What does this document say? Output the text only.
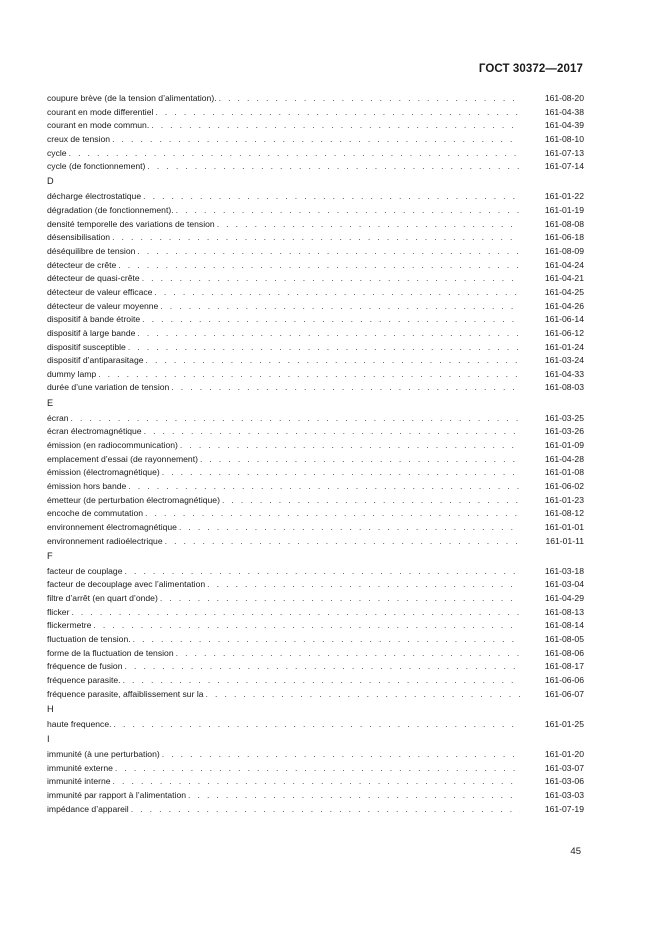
ГОСТ 30372—2017
coupure brève (de la tension d’alimentation). . . .	161-08-20
courant en mode differentiel . . .	161-04-38
courant en mode commun. . . .	161-04-39
creux de tension . . .	161-08-10
cycle . . .	161-07-13
cycle (de fonctionnement) . . .	161-07-14
D
décharge électrostatique . . .	161-01-22
dégradation (de fonctionnement). . . .	161-01-19
densité temporelle des variations de tension . . .	161-08-08
désensibilisation . . .	161-06-18
déséquilibre de tension . . .	161-08-09
détecteur de crête . . .	161-04-24
détecteur de quasi-crête . . .	161-04-21
détecteur de valeur efficace . . .	161-04-25
détecteur de valeur moyenne . . .	161-04-26
dispositif à bande étroite . . .	161-06-14
dispositif à large bande . . .	161-06-12
dispositif susceptible . . .	161-01-24
dispositif d’antiparasitage . . .	161-03-24
dummy lamp . . .	161-04-33
durée d’une variation de tension . . .	161-08-03
E
écran . . .	161-03-25
écran électromagnétique . . .	161-03-26
émission (en radiocommunication) . . .	161-01-09
emplacement d’essai (de rayonnement) . . .	161-04-28
émission (électromagnétique) . . .	161-01-08
émission hors bande . . .	161-06-02
émetteur (de perturbation électromagnétique) . . .	161-01-23
encoche de commutation . . .	161-08-12
environnement électromagnétique . . .	161-01-01
environnement radioélectrique . . .	161-01-11
F
facteur de couplage . . .	161-03-18
facteur de decouplage avec l’alimentation . . .	161-03-04
filtre d’arrêt (en quart d’onde) . . .	161-04-29
flicker . . .	161-08-13
flickermetre . . .	161-08-14
fluctuation de tension. . . .	161-08-05
forme de la fluctuation de tension . . .	161-08-06
fréquence de fusion . . .	161-08-17
fréquence parasite. . . .	161-06-06
fréquence parasite, affaiblissement sur la . . .	161-06-07
H
haute frequence. . . .	161-01-25
I
immunité (à une perturbation) . . .	161-01-20
immunité externe . . .	161-03-07
immunité interne . . .	161-03-06
immunité par rapport à l’alimentation . . .	161-03-03
impédance d’appareil . . .	161-07-19
45
